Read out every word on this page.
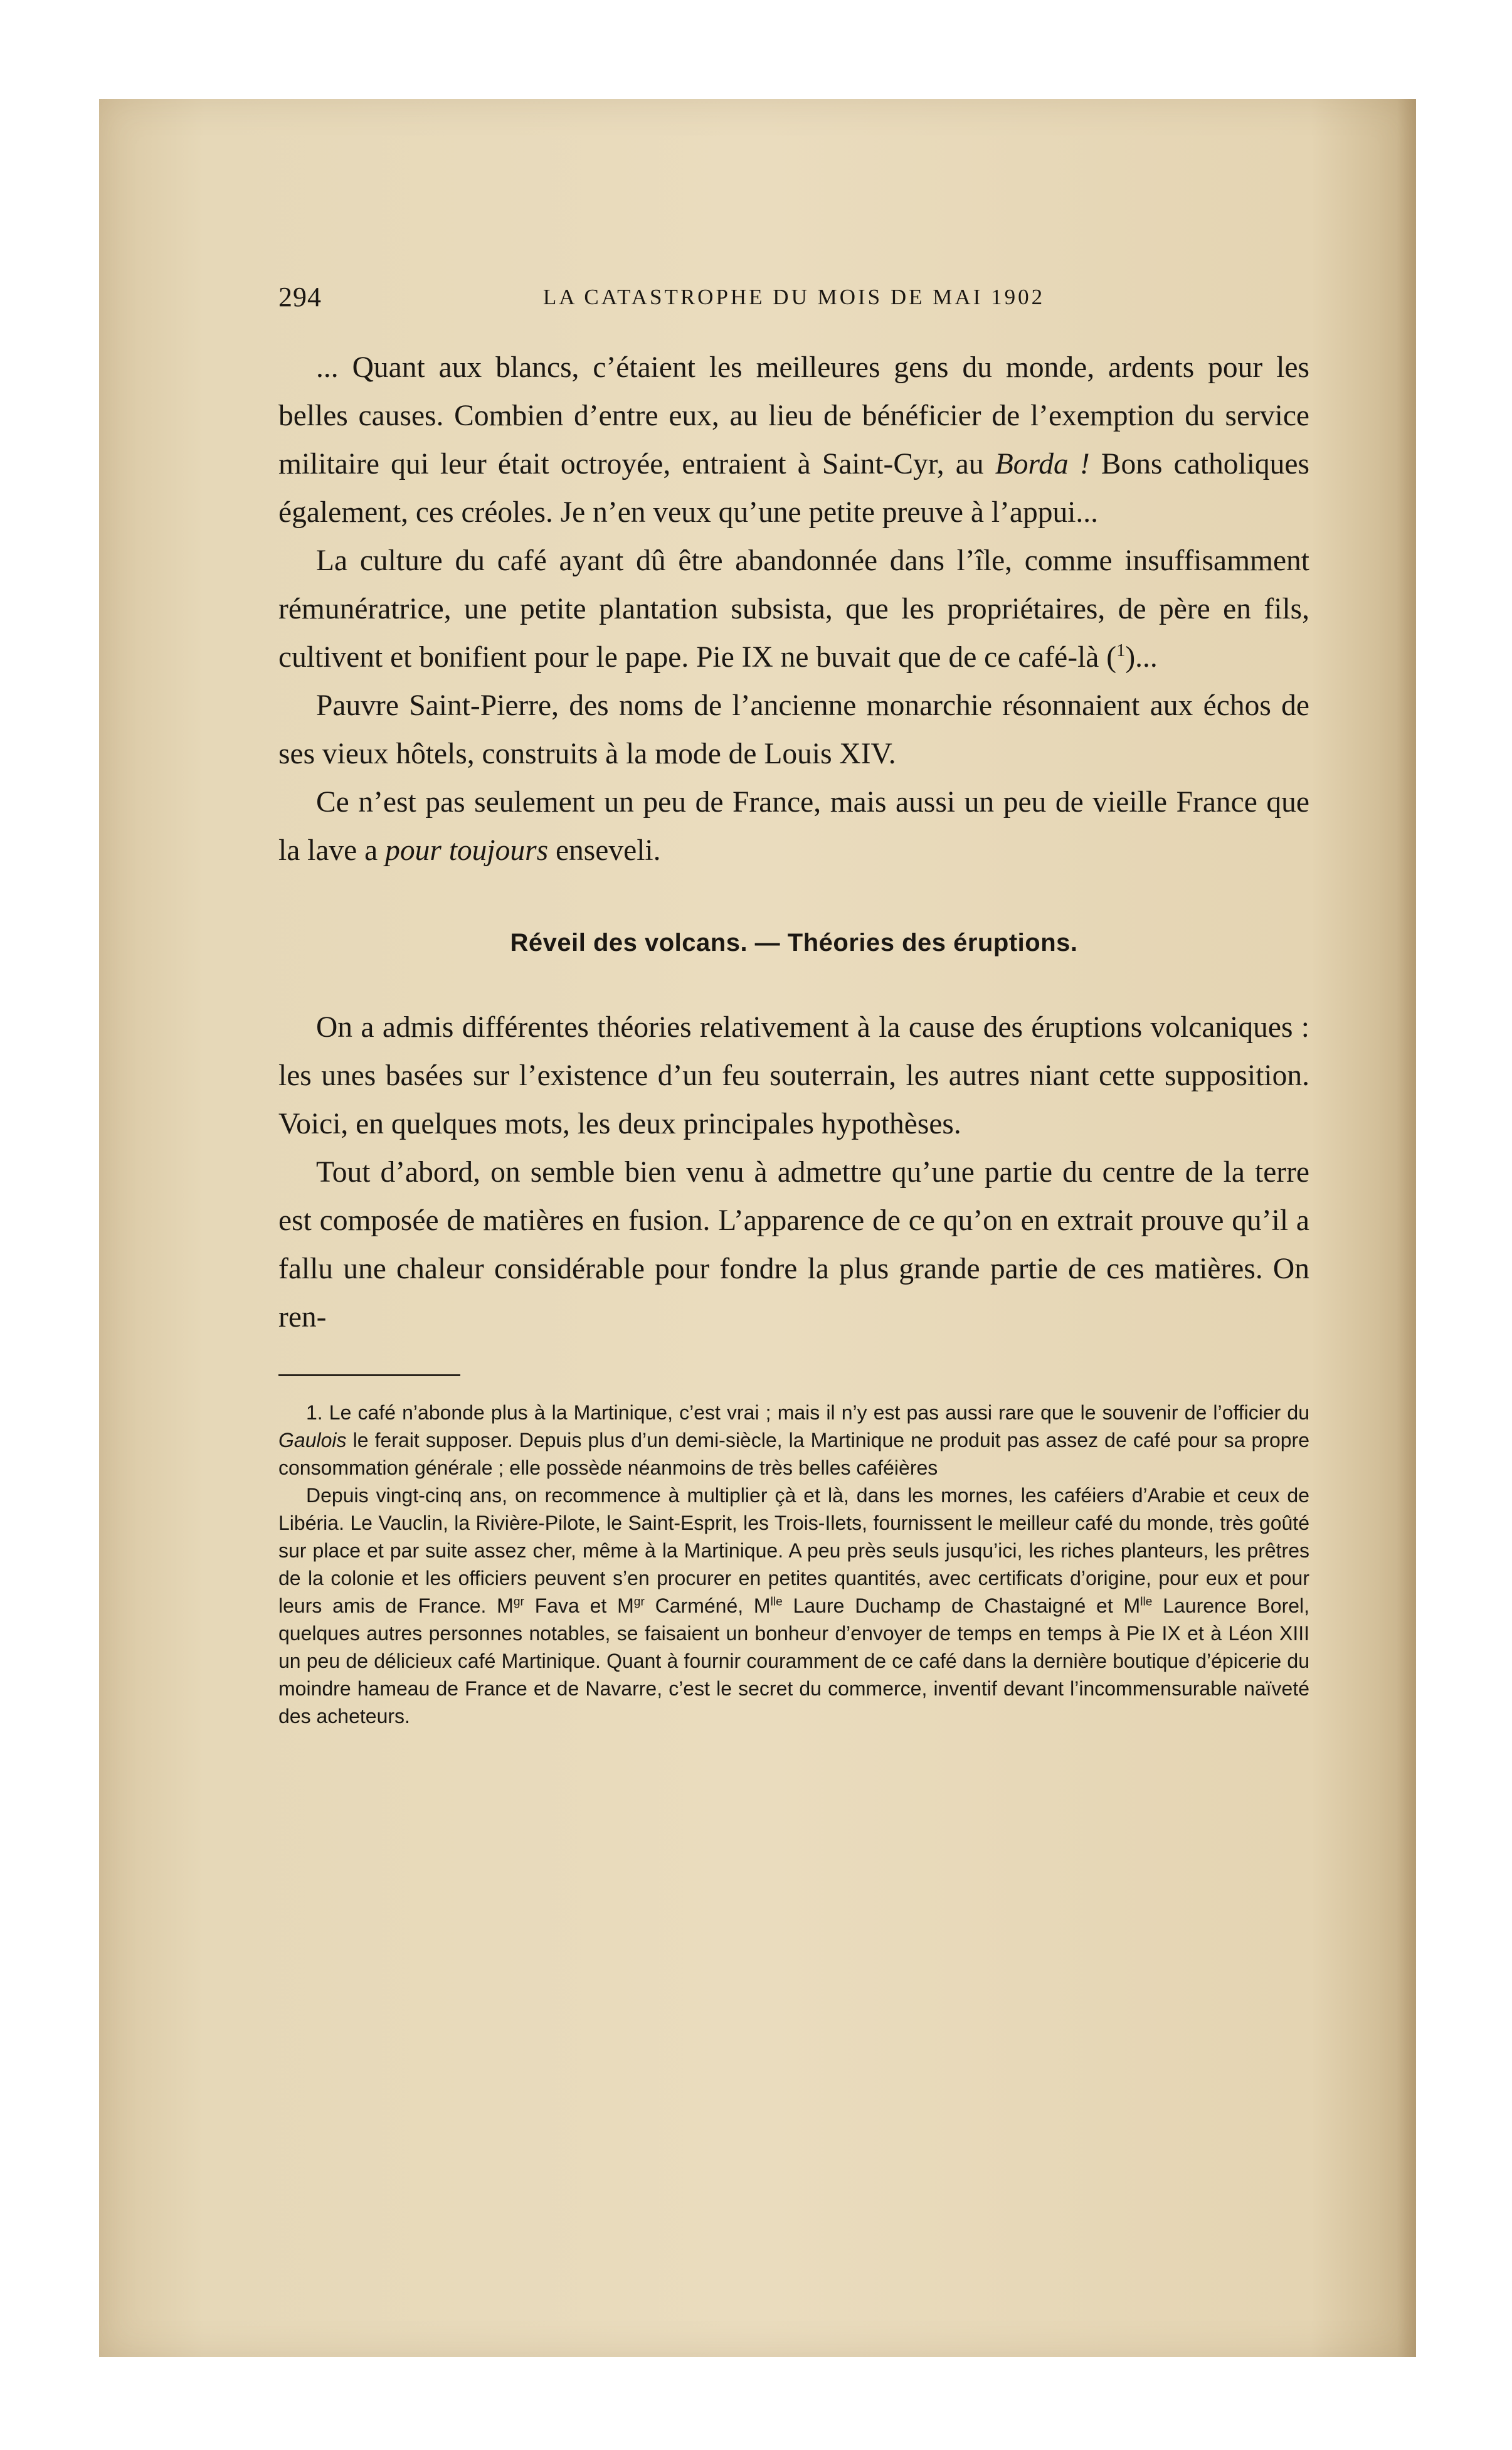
294	LA CATASTROPHE DU MOIS DE MAI 1902

... Quant aux blancs, c’étaient les meilleures gens du monde, ardents pour les belles causes. Combien d’entre eux, au lieu de bénéficier de l’exemption du service militaire qui leur était octroyée, entraient à Saint-Cyr, au Borda ! Bons catholiques également, ces créoles. Je n’en veux qu’une petite preuve à l’appui...

La culture du café ayant dû être abandonnée dans l’île, comme insuffisamment rémunératrice, une petite plantation subsista, que les propriétaires, de père en fils, cultivent et bonifient pour le pape. Pie IX ne buvait que de ce café-là ($^1$)...

Pauvre Saint-Pierre, des noms de l’ancienne monarchie résonnaient aux échos de ses vieux hôtels, construits à la mode de Louis XIV.

Ce n’est pas seulement un peu de France, mais aussi un peu de vieille France que la lave a pour toujours enseveli.

Réveil des volcans. — Théories des éruptions.

On a admis différentes théories relativement à la cause des éruptions volcaniques : les unes basées sur l’existence d’un feu souterrain, les autres niant cette supposition. Voici, en quelques mots, les deux principales hypothèses.

Tout d’abord, on semble bien venu à admettre qu’une partie du centre de la terre est composée de matières en fusion. L’apparence de ce qu’on en extrait prouve qu’il a fallu une chaleur considérable pour fondre la plus grande partie de ces matières. On ren-

1. Le café n’abonde plus à la Martinique, c’est vrai ; mais il n’y est pas aussi rare que le souvenir de l’officier du Gaulois le ferait supposer. Depuis plus d’un demi-siècle, la Martinique ne produit pas assez de café pour sa propre consommation générale ; elle possède néanmoins de très belles caféières

Depuis vingt-cinq ans, on recommence à multiplier çà et là, dans les mornes, les caféiers d’Arabie et ceux de Libéria. Le Vauclin, la Rivière-Pilote, le Saint-Esprit, les Trois-Ilets, fournissent le meilleur café du monde, très goûté sur place et par suite assez cher, même à la Martinique. A peu près seuls jusqu’ici, les riches planteurs, les prêtres de la colonie et les officiers peuvent s’en procurer en petites quantités, avec certificats d’origine, pour eux et pour leurs amis de France. $M^{gr}$ Fava et $M^{gr}$ Carméné, $M^{lle}$ Laure Duchamp de Chastaigné et $M^{lle}$ Laurence Borel, quelques autres personnes notables, se faisaient un bonheur d’envoyer de temps en temps à Pie IX et à Léon XIII un peu de délicieux café Martinique. Quant à fournir couramment de ce café dans la dernière boutique d’épicerie du moindre hameau de France et de Navarre, c’est le secret du commerce, inventif devant l’incommensurable naïveté des acheteurs.
